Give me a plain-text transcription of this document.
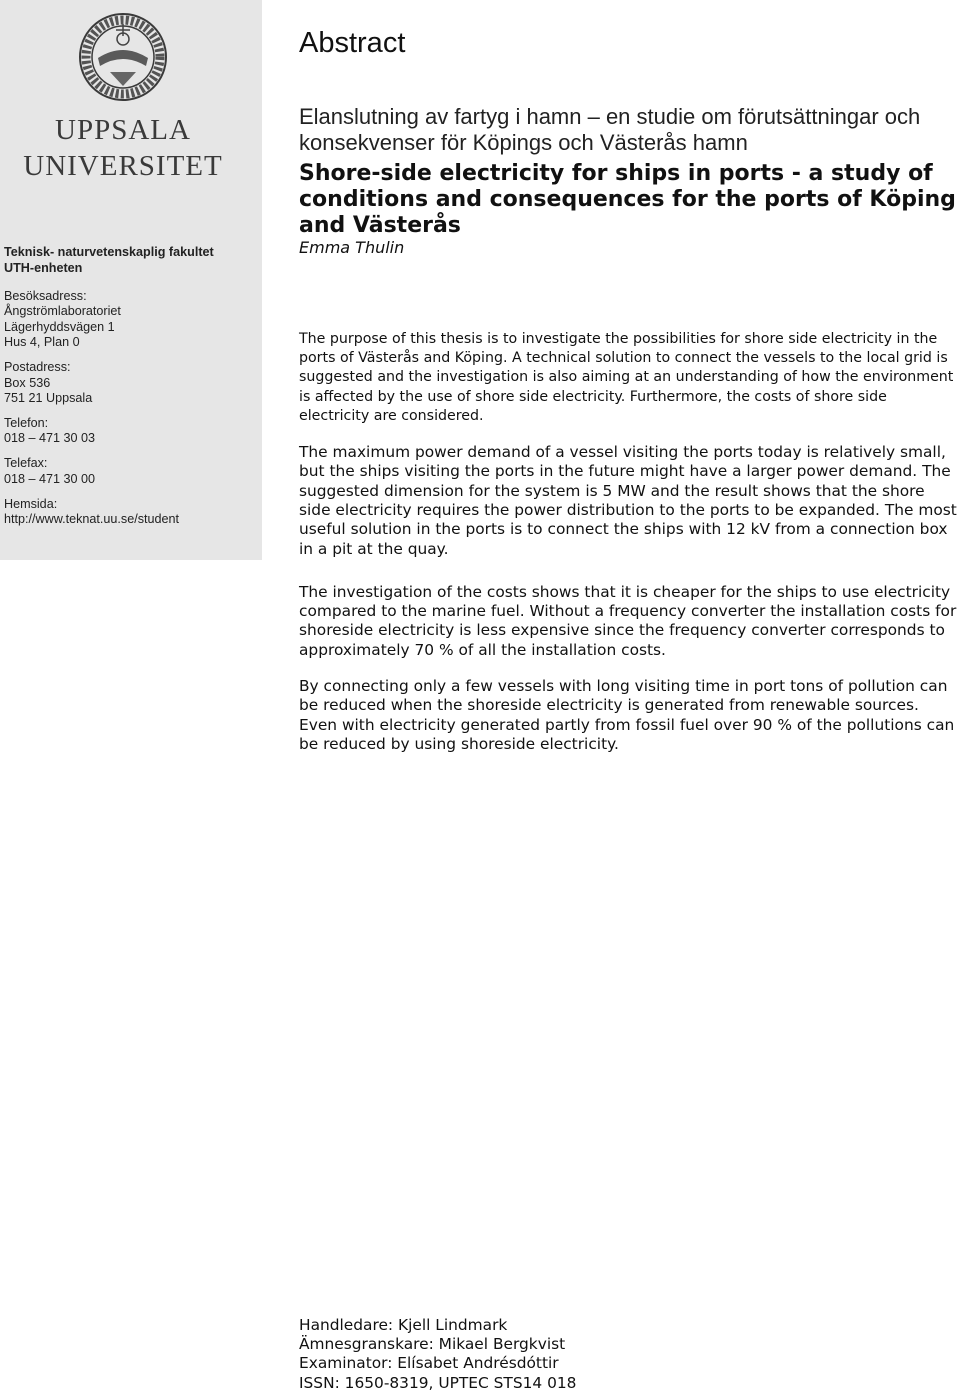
UPPSALA
UNIVERSITET
Teknisk- naturvetenskaplig fakultet
UTH-enheten
Besöksadress:
Ångströmlaboratoriet
Lägerhyddsvägen 1
Hus 4, Plan 0
Postadress:
Box 536
751 21 Uppsala
Telefon:
018 – 471 30 03
Telefax:
018 – 471 30 00
Hemsida:
http://www.teknat.uu.se/student
Abstract
Elanslutning av fartyg i hamn – en studie om förutsättningar och konsekvenser för Köpings och Västerås hamn
Shore-side electricity for ships in ports - a study of conditions and consequences for the ports of Köping and Västerås
Emma Thulin

The purpose of this thesis is to investigate the possibilities for shore side electricity in the ports of Västerås and Köping. A technical solution to connect the vessels to the local grid is suggested and the investigation is also aiming at an understanding of how the environment is affected by the use of shore side electricity. Furthermore, the costs of shore side electricity are considered.

The maximum power demand of a vessel visiting the ports today is relatively small, but the ships visiting the ports in the future might have a larger power demand. The suggested dimension for the system is 5 MW and the result shows that the shore side electricity requires the power distribution to the ports to be expanded. The most useful solution in the ports is to connect the ships with 12 kV from a connection box in a pit at the quay.

The investigation of the costs shows that it is cheaper for the ships to use electricity compared to the marine fuel. Without a frequency converter the installation costs for shoreside electricity is less expensive since the frequency converter corresponds to approximately 70 % of all the installation costs.

By connecting only a few vessels with long visiting time in port tons of pollution can be reduced when the shoreside electricity is generated from renewable sources. Even with electricity generated partly from fossil fuel over 90 % of the pollutions can be reduced by using shoreside electricity.

Handledare: Kjell Lindmark
Ämnesgranskare: Mikael Bergkvist
Examinator: Elísabet Andrésdóttir
ISSN: 1650-8319, UPTEC STS14 018
